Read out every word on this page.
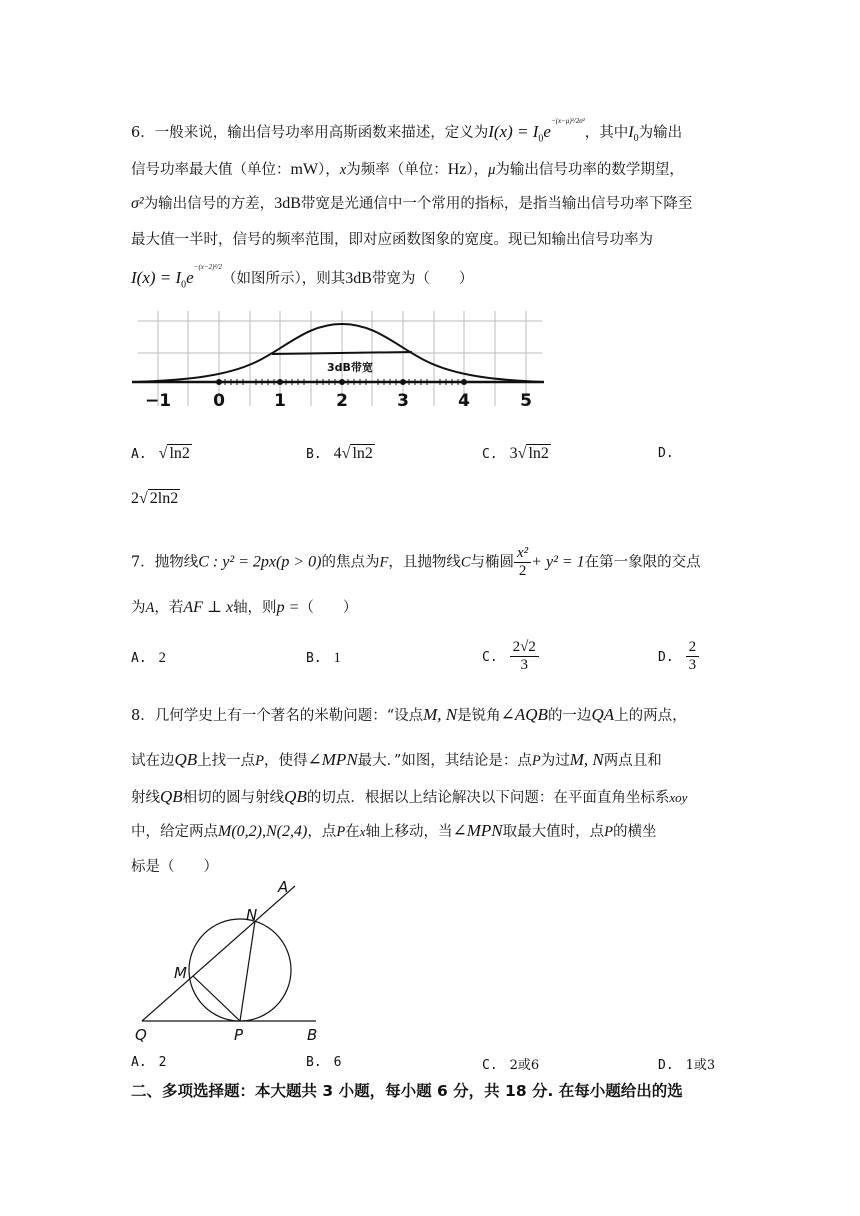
6．一般来说，输出信号功率用高斯函数来描述，定义为$I(x) = I_0e^{-(x-\mu)^2/2\sigma^2}$，其中$I_0$为输出
信号功率最大值（单位：mW），x为频率（单位：Hz），μ为输出信号功率的数学期望，
σ²为输出信号的方差，3dB带宽是光通信中一个常用的指标，是指当输出信号功率下降至
最大值一半时，信号的频率范围，即对应函数图象的宽度。现已知输出信号功率为
$I(x) = I_0e^{-(x-2)^2/2}$（如图所示），则其3dB带宽为（　　）
3dB带宽
−1 0	1	2	3	4	5
A. √ ln2	B. 4√ ln2	C. 3√ ln2	D.
2√ 2ln2
7．抛物线C : y² = 2px(p > 0)的焦点为F，且抛物线C与椭圆 $\frac{\text{x²}}{2} + y^2 = 1$在第一象限的交点
为A，若AF ⊥ x轴，则p =（　　）
A. 2	B. 1	C. $\frac{2√2}{3}$	D. $\frac{2}{3}$
8．几何学史上有一个著名的米勒问题：“设点M, N是锐角∠AQB的一边QA上的两点，
试在边QB上找一点P，使得∠MPN最大．”如图，其结论是：点P为过M, N两点且和
射线QB相切的圆与射线QB的切点．根据以上结论解决以下问题：在平面直角坐标系xoy
中，给定两点M(0,2),N(2,4)，点P在x轴上移动，当∠MPN取最大值时，点P的横坐
标是（　　）
A
N
M
Q	P	B
A. 2	B. 6	C. 2或6	D. 1或3
二、多项选择题：本大题共 3 小题，每小题 6 分，共 18 分. 在每小题给出的选
